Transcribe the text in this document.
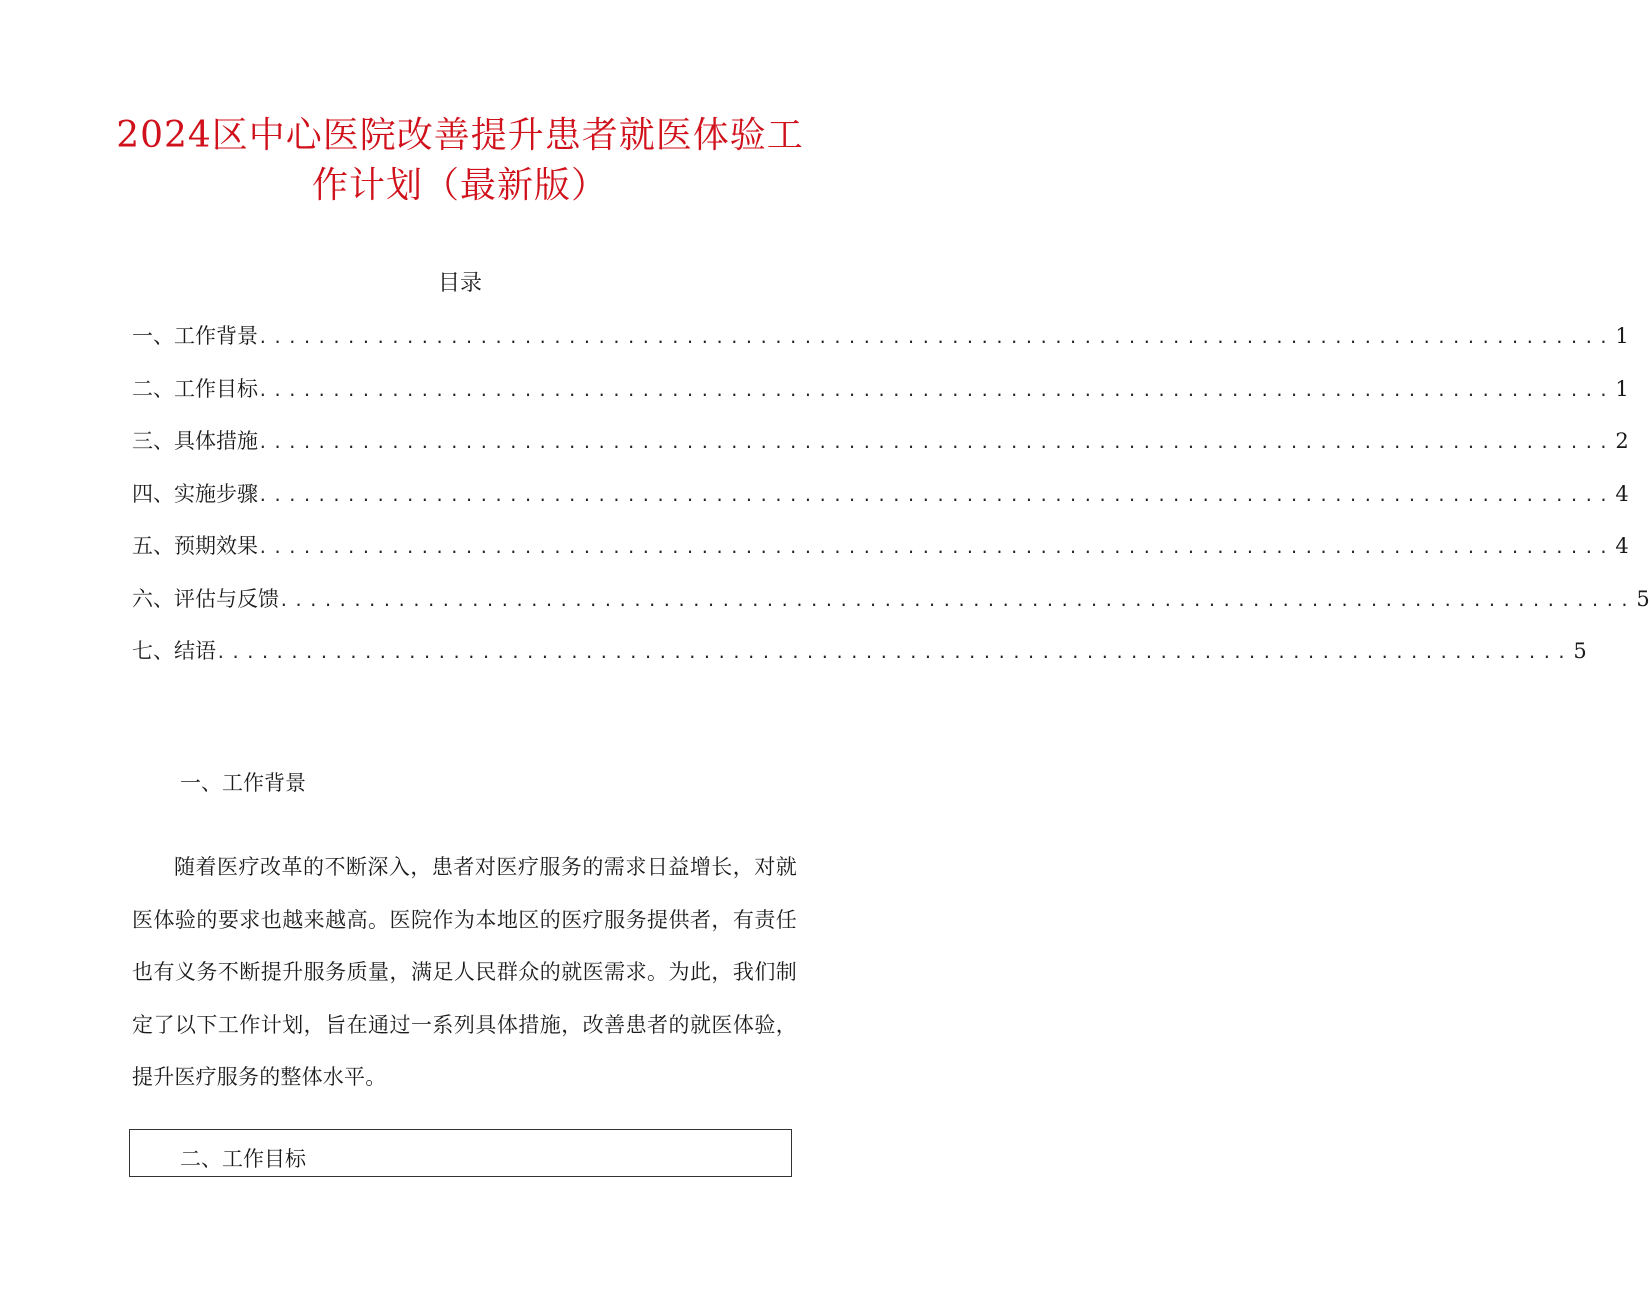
2024区中心医院改善提升患者就医体验工
作计划（最新版）
目录
一、工作背景 ............................................................................................ 1
二、工作目标 ............................................................................................ 1
三、具体措施 ............................................................................................ 2
四、实施步骤 ............................................................................................ 4
五、预期效果 ............................................................................................ 4
六、评估与反馈 ............................................................................................ 5
七、结语 ............................................................................................ 5
一、工作背景

随着医疗改革的不断深入，患者对医疗服务的需求日益增长，对就医体验的要求也越来越高。医院作为本地区的医疗服务提供者，有责任也有义务不断提升服务质量，满足人民群众的就医需求。为此，我们制定了以下工作计划，旨在通过一系列具体措施，改善患者的就医体验，提升医疗服务的整体水平。

二、工作目标
